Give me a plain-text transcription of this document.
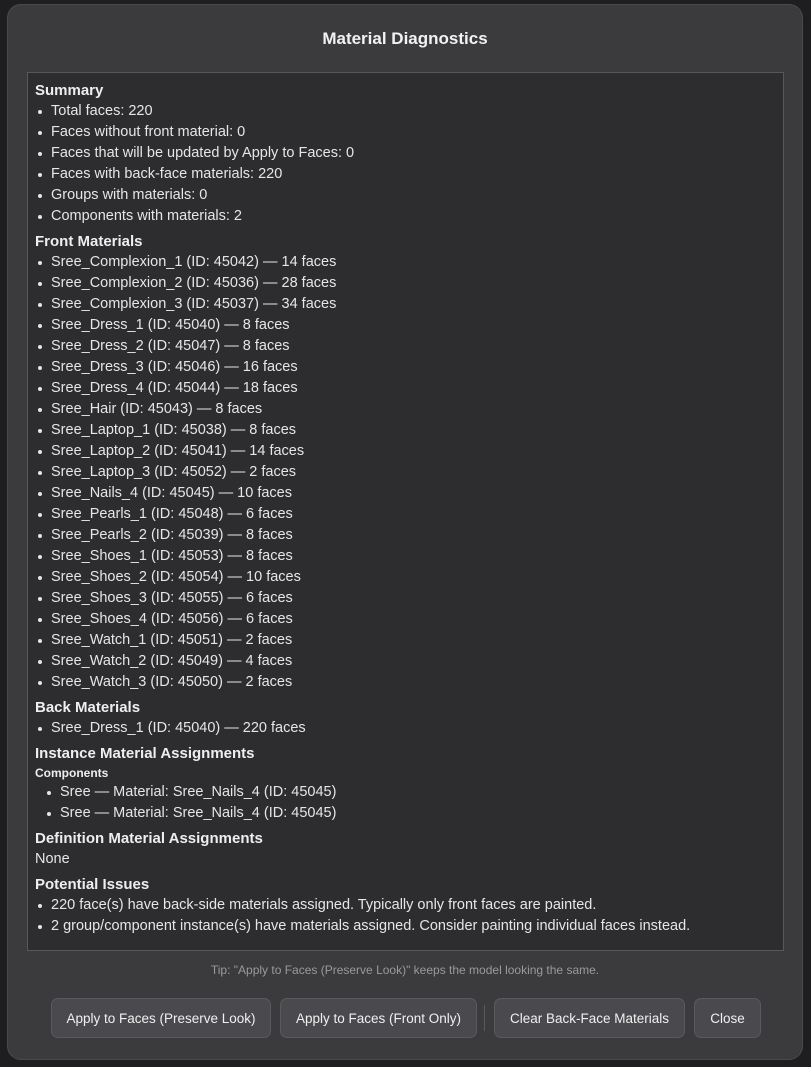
Material Diagnostics
Summary
Total faces: 220
Faces without front material: 0
Faces that will be updated by Apply to Faces: 0
Faces with back-face materials: 220
Groups with materials: 0
Components with materials: 2
Front Materials
Sree_Complexion_1 (ID: 45042) — 14 faces
Sree_Complexion_2 (ID: 45036) — 28 faces
Sree_Complexion_3 (ID: 45037) — 34 faces
Sree_Dress_1 (ID: 45040) — 8 faces
Sree_Dress_2 (ID: 45047) — 8 faces
Sree_Dress_3 (ID: 45046) — 16 faces
Sree_Dress_4 (ID: 45044) — 18 faces
Sree_Hair (ID: 45043) — 8 faces
Sree_Laptop_1 (ID: 45038) — 8 faces
Sree_Laptop_2 (ID: 45041) — 14 faces
Sree_Laptop_3 (ID: 45052) — 2 faces
Sree_Nails_4 (ID: 45045) — 10 faces
Sree_Pearls_1 (ID: 45048) — 6 faces
Sree_Pearls_2 (ID: 45039) — 8 faces
Sree_Shoes_1 (ID: 45053) — 8 faces
Sree_Shoes_2 (ID: 45054) — 10 faces
Sree_Shoes_3 (ID: 45055) — 6 faces
Sree_Shoes_4 (ID: 45056) — 6 faces
Sree_Watch_1 (ID: 45051) — 2 faces
Sree_Watch_2 (ID: 45049) — 4 faces
Sree_Watch_3 (ID: 45050) — 2 faces
Back Materials
Sree_Dress_1 (ID: 45040) — 220 faces
Instance Material Assignments
Components
Sree — Material: Sree_Nails_4 (ID: 45045)
Sree — Material: Sree_Nails_4 (ID: 45045)
Definition Material Assignments
None
Potential Issues
220 face(s) have back-side materials assigned. Typically only front faces are painted.
2 group/component instance(s) have materials assigned. Consider painting individual faces instead.
Tip: "Apply to Faces (Preserve Look)" keeps the model looking the same.
Apply to Faces (Preserve Look)	Apply to Faces (Front Only)	Clear Back-Face Materials	Close
